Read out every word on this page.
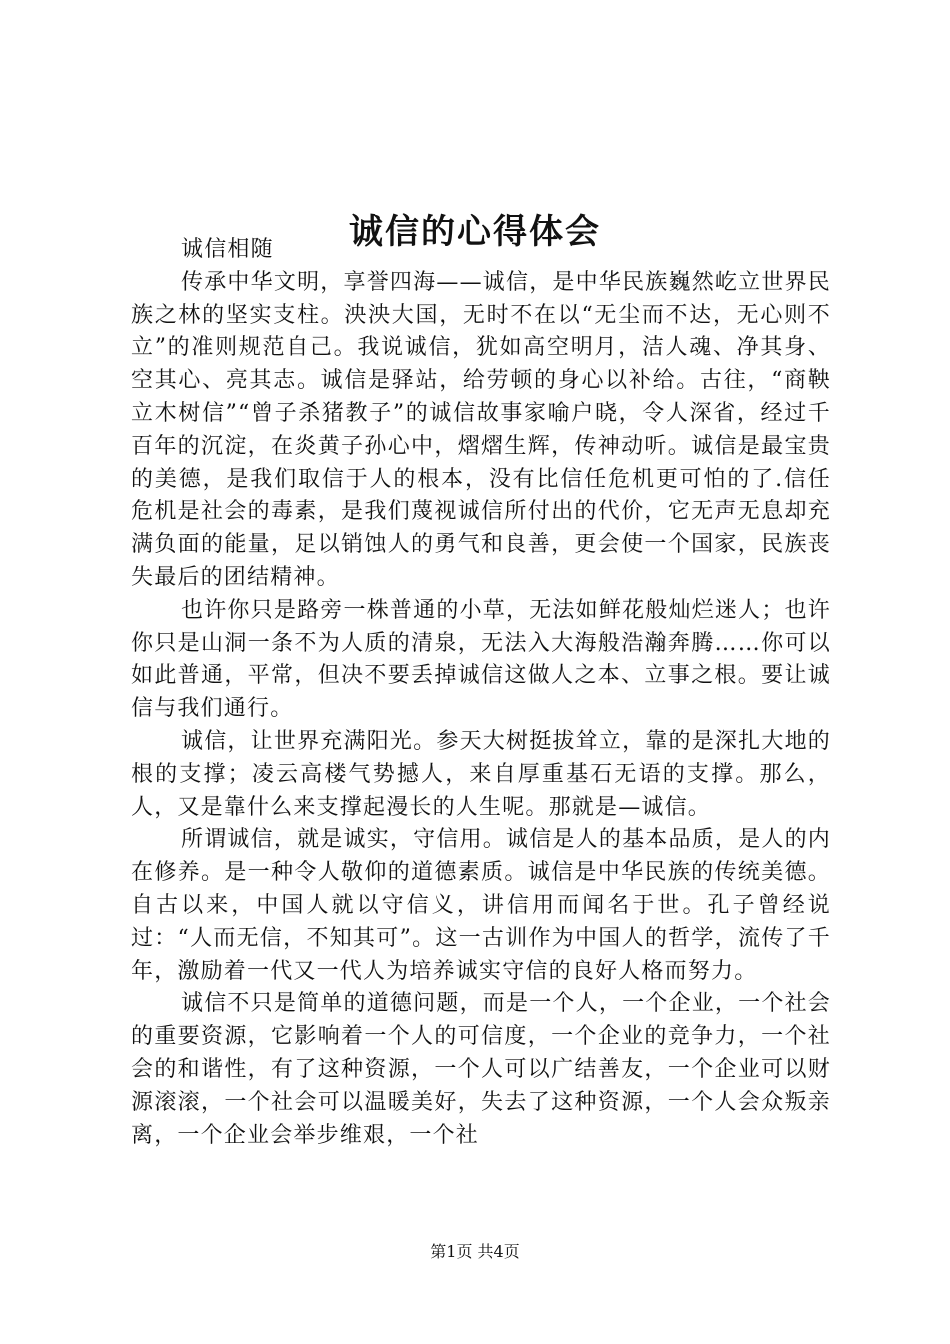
诚信的心得体会

诚信相随

传承中华文明，享誉四海——诚信，是中华民族巍然屹立世界民族之林的坚实支柱。泱泱大国，无时不在以“无尘而不达，无心则不立”的准则规范自己。我说诚信，犹如高空明月，洁人魂、净其身、空其心、亮其志。诚信是驿站，给劳顿的身心以补给。古往，“商鞅立木树信”“曾子杀猪教子”的诚信故事家喻户晓，令人深省，经过千百年的沉淀，在炎黄子孙心中，熠熠生辉，传神动听。诚信是最宝贵的美德，是我们取信于人的根本，没有比信任危机更可怕的了.信任危机是社会的毒素，是我们蔑视诚信所付出的代价，它无声无息却充满负面的能量，足以销蚀人的勇气和良善，更会使一个国家，民族丧失最后的团结精神。

也许你只是路旁一株普通的小草，无法如鲜花般灿烂迷人；也许你只是山洞一条不为人质的清泉，无法入大海般浩瀚奔腾……你可以如此普通，平常，但决不要丢掉诚信这做人之本、立事之根。要让诚信与我们通行。

诚信，让世界充满阳光。参天大树挺拔耸立，靠的是深扎大地的根的支撑；凌云高楼气势撼人，来自厚重基石无语的支撑。那么，人，又是靠什么来支撑起漫长的人生呢。那就是—诚信。

所谓诚信，就是诚实，守信用。诚信是人的基本品质，是人的内在修养。是一种令人敬仰的道德素质。诚信是中华民族的传统美德。自古以来，中国人就以守信义，讲信用而闻名于世。孔子曾经说过：“人而无信，不知其可”。这一古训作为中国人的哲学，流传了千年，激励着一代又一代人为培养诚实守信的良好人格而努力。

诚信不只是简单的道德问题，而是一个人，一个企业，一个社会的重要资源，它影响着一个人的可信度，一个企业的竞争力，一个社会的和谐性，有了这种资源，一个人可以广结善友，一个企业可以财源滚滚，一个社会可以温暖美好，失去了这种资源，一个人会众叛亲离，一个企业会举步维艰，一个社

第1页 共4页
